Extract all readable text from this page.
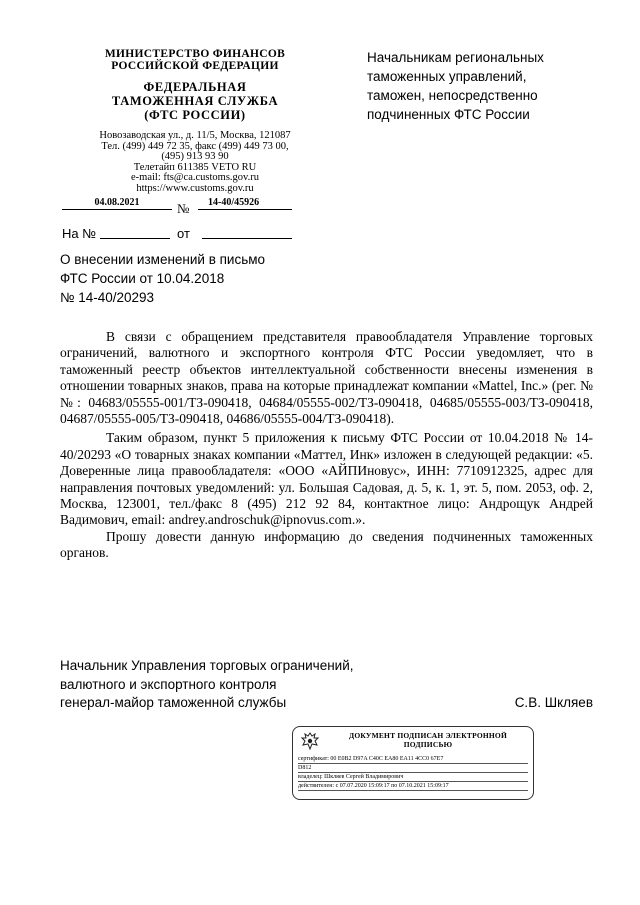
МИНИСТЕРСТВО ФИНАНСОВ
РОССИЙСКОЙ ФЕДЕРАЦИИ
ФЕДЕРАЛЬНАЯ
ТАМОЖЕННАЯ СЛУЖБА
(ФТС РОССИИ)
Новозаводская ул., д. 11/5, Москва, 121087
Тел. (499) 449 72 35, факс (499) 449 73 00,
(495) 913 93 90
Телетайп 611385 VETO RU
e-mail: fts@ca.customs.gov.ru
https://www.customs.gov.ru
04.08.2021	№	14-40/45926
На №	от
Начальникам региональных
таможенных управлений,
таможен, непосредственно
подчиненных ФТС России
О внесении изменений в письмо
ФТС России от 10.04.2018
№ 14-40/20293

В связи с обращением представителя правообладателя Управление торговых ограничений, валютного и экспортного контроля ФТС России уведомляет, что в таможенный реестр объектов интеллектуальной собственности внесены изменения в отношении товарных знаков, права на которые принадлежат компании «Mattel, Inc.» (рег. №№: 04683/05555-001/ТЗ-090418, 04684/05555-002/ТЗ-090418, 04685/05555-003/ТЗ-090418, 04687/05555-005/ТЗ-090418, 04686/05555-004/ТЗ-090418).

Таким образом, пункт 5 приложения к письму ФТС России от 10.04.2018 № 14-40/20293 «О товарных знаках компании «Маттел, Инк» изложен в следующей редакции: «5. Доверенные лица правообладателя: «ООО «АЙПИновус», ИНН: 7710912325, адрес для направления почтовых уведомлений: ул. Большая Садовая, д. 5, к. 1, эт. 5, пом. 2053, оф. 2, Москва, 123001, тел./факс 8 (495) 212 92 84, контактное лицо: Андрощук Андрей Вадимович, email: andrey.androschuk@ipnovus.com.».

Прошу довести данную информацию до сведения подчиненных таможенных органов.

Начальник Управления торговых ограничений,
валютного и экспортного контроля
генерал-майор таможенной службы	С.В. Шкляев
ДОКУМЕНТ ПОДПИСАН ЭЛЕКТРОННОЙ ПОДПИСЬЮ
сертификат: 00 E0B2 D97A C40C EA80 EA11 4CC0 67E7
D812
владелец: Шкляев Сергей Владимирович
действителен: с 07.07.2020 15:09:17 по 07.10.2021 15:09:17
